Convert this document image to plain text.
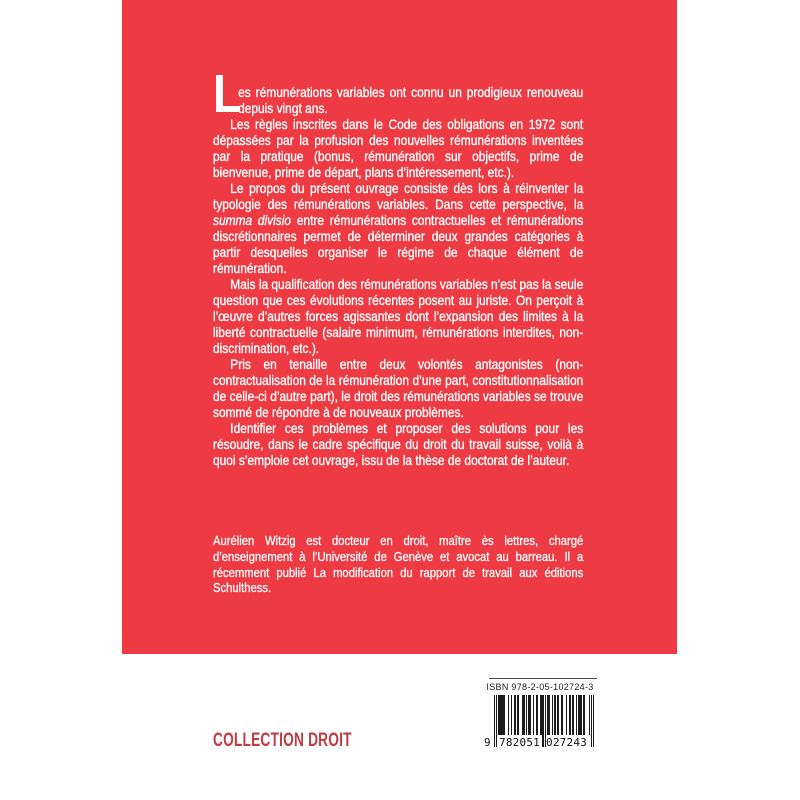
L
es rémunérations variables ont connu un prodigieux renouveau depuis vingt ans.

Les règles inscrites dans le Code des obligations en 1972 sont dépassées par la profusion des nouvelles rémunérations inventées par la pratique (bonus, rémunération sur objectifs, prime de bienvenue, prime de départ, plans d’intéressement, etc.).

Le propos du présent ouvrage consiste dès lors à réinventer la typologie des rémunérations variables. Dans cette perspective, la summa divisio entre rémunérations contractuelles et rémunérations discrétionnaires permet de déterminer deux grandes catégories à partir desquelles organiser le régime de chaque élément de rémunération.

Mais la qualification des rémunérations variables n’est pas la seule question que ces évolutions récentes posent au juriste. On perçoit à l’œuvre d’autres forces agissantes dont l’expansion des limites à la liberté contractuelle (salaire minimum, rémunérations interdites, non-discrimination, etc.).

Pris en tenaille entre deux volontés antagonistes (non-contractualisation de la rémunération d’une part, constitutionnalisation de celle-ci d’autre part), le droit des rémunérations variables se trouve sommé de répondre à de nouveaux problèmes.

Identifier ces problèmes et proposer des solutions pour les résoudre, dans le cadre spécifique du droit du travail suisse, voilà à quoi s’emploie cet ouvrage, issu de la thèse de doctorat de l’auteur.

Aurélien Witzig est docteur en droit, maître ès lettres, chargé d’enseignement à l’Université de Genève et avocat au barreau. Il a récemment publié La modification du rapport de travail aux éditions Schulthess.

COLLECTION DROIT
ISBN 978-2-05-102724-3
9 782051 027243
